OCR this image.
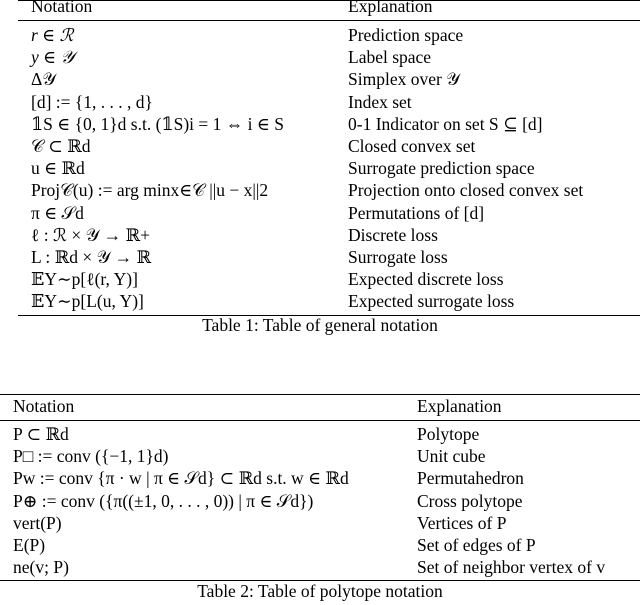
Notation	Explanation
r ∈ ℛ	Prediction space
y ∈ 𝒴	Label space
Δ𝒴	Simplex over 𝒴
[d] := {1, . . . , d}	Index set
𝟙S ∈ {0, 1}d s.t. (𝟙S)i = 1 ⇔ i ∈ S	0-1 Indicator on set S ⊆ [d]
𝒞 ⊂ ℝd	Closed convex set
u ∈ ℝd	Surrogate prediction space
Proj𝒞(u) := arg minx∈𝒞 ||u − x||2	Projection onto closed convex set
π ∈ 𝒮d	Permutations of [d]
ℓ : ℛ × 𝒴 → ℝ+	Discrete loss
L : ℝd × 𝒴 → ℝ	Surrogate loss
𝔼Y∼p[ℓ(r, Y)]	Expected discrete loss
𝔼Y∼p[L(u, Y)]	Expected surrogate loss
Table 1: Table of general notation
Notation	Explanation
P ⊂ ℝd	Polytope
P□ := conv ({−1, 1}d)	Unit cube
Pw := conv {π · w | π ∈ 𝒮d} ⊂ ℝd s.t. w ∈ ℝd	Permutahedron
P⊕ := conv ({π((±1, 0, . . . , 0)) | π ∈ 𝒮d})	Cross polytope
vert(P)	Vertices of P
E(P)	Set of edges of P
ne(v; P)	Set of neighbor vertex of v
Table 2: Table of polytope notation
